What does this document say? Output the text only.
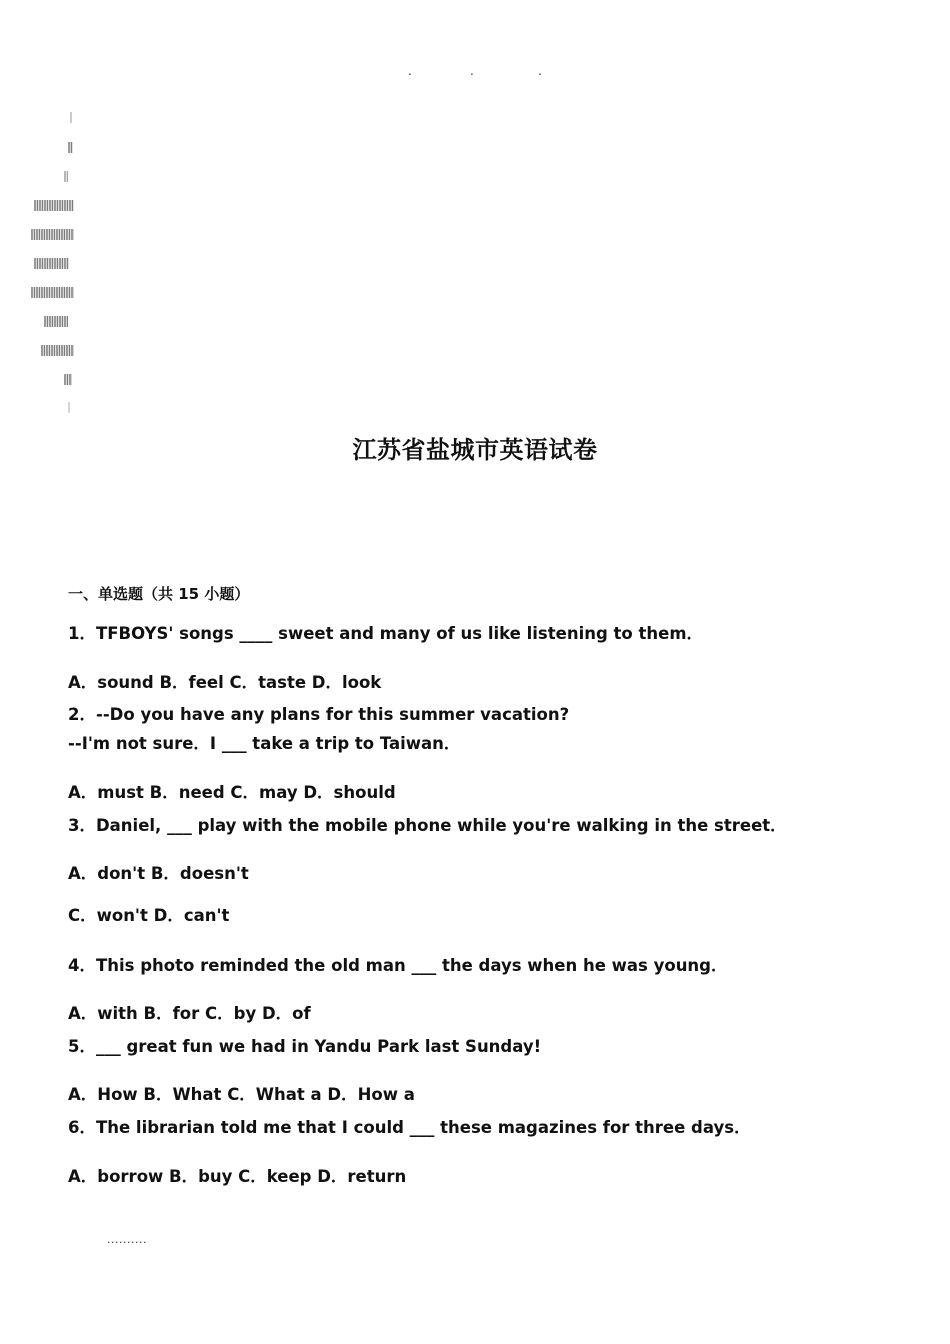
.	.	.
江苏省盐城市英语试卷
一、单选题（共 15 小题）
1．TFBOYS' songs ____ sweet and many of us like listening to them．
A．sound B．feel C．taste D．look
2．--Do you have any plans for this summer vacation?
--I'm not sure．I ___ take a trip to Taiwan．
A．must B．need C．may D．should
3．Daniel, ___ play with the mobile phone while you're walking in the street．
A．don't B．doesn't
C．won't D．can't
4．This photo reminded the old man ___ the days when he was young．
A．with B．for C．by D．of
5．___ great fun we had in Yandu Park last Sunday!
A．How B．What C．What a D．How a
6．The librarian told me that I could ___ these magazines for three days．
A．borrow B．buy C．keep D．return
..........
